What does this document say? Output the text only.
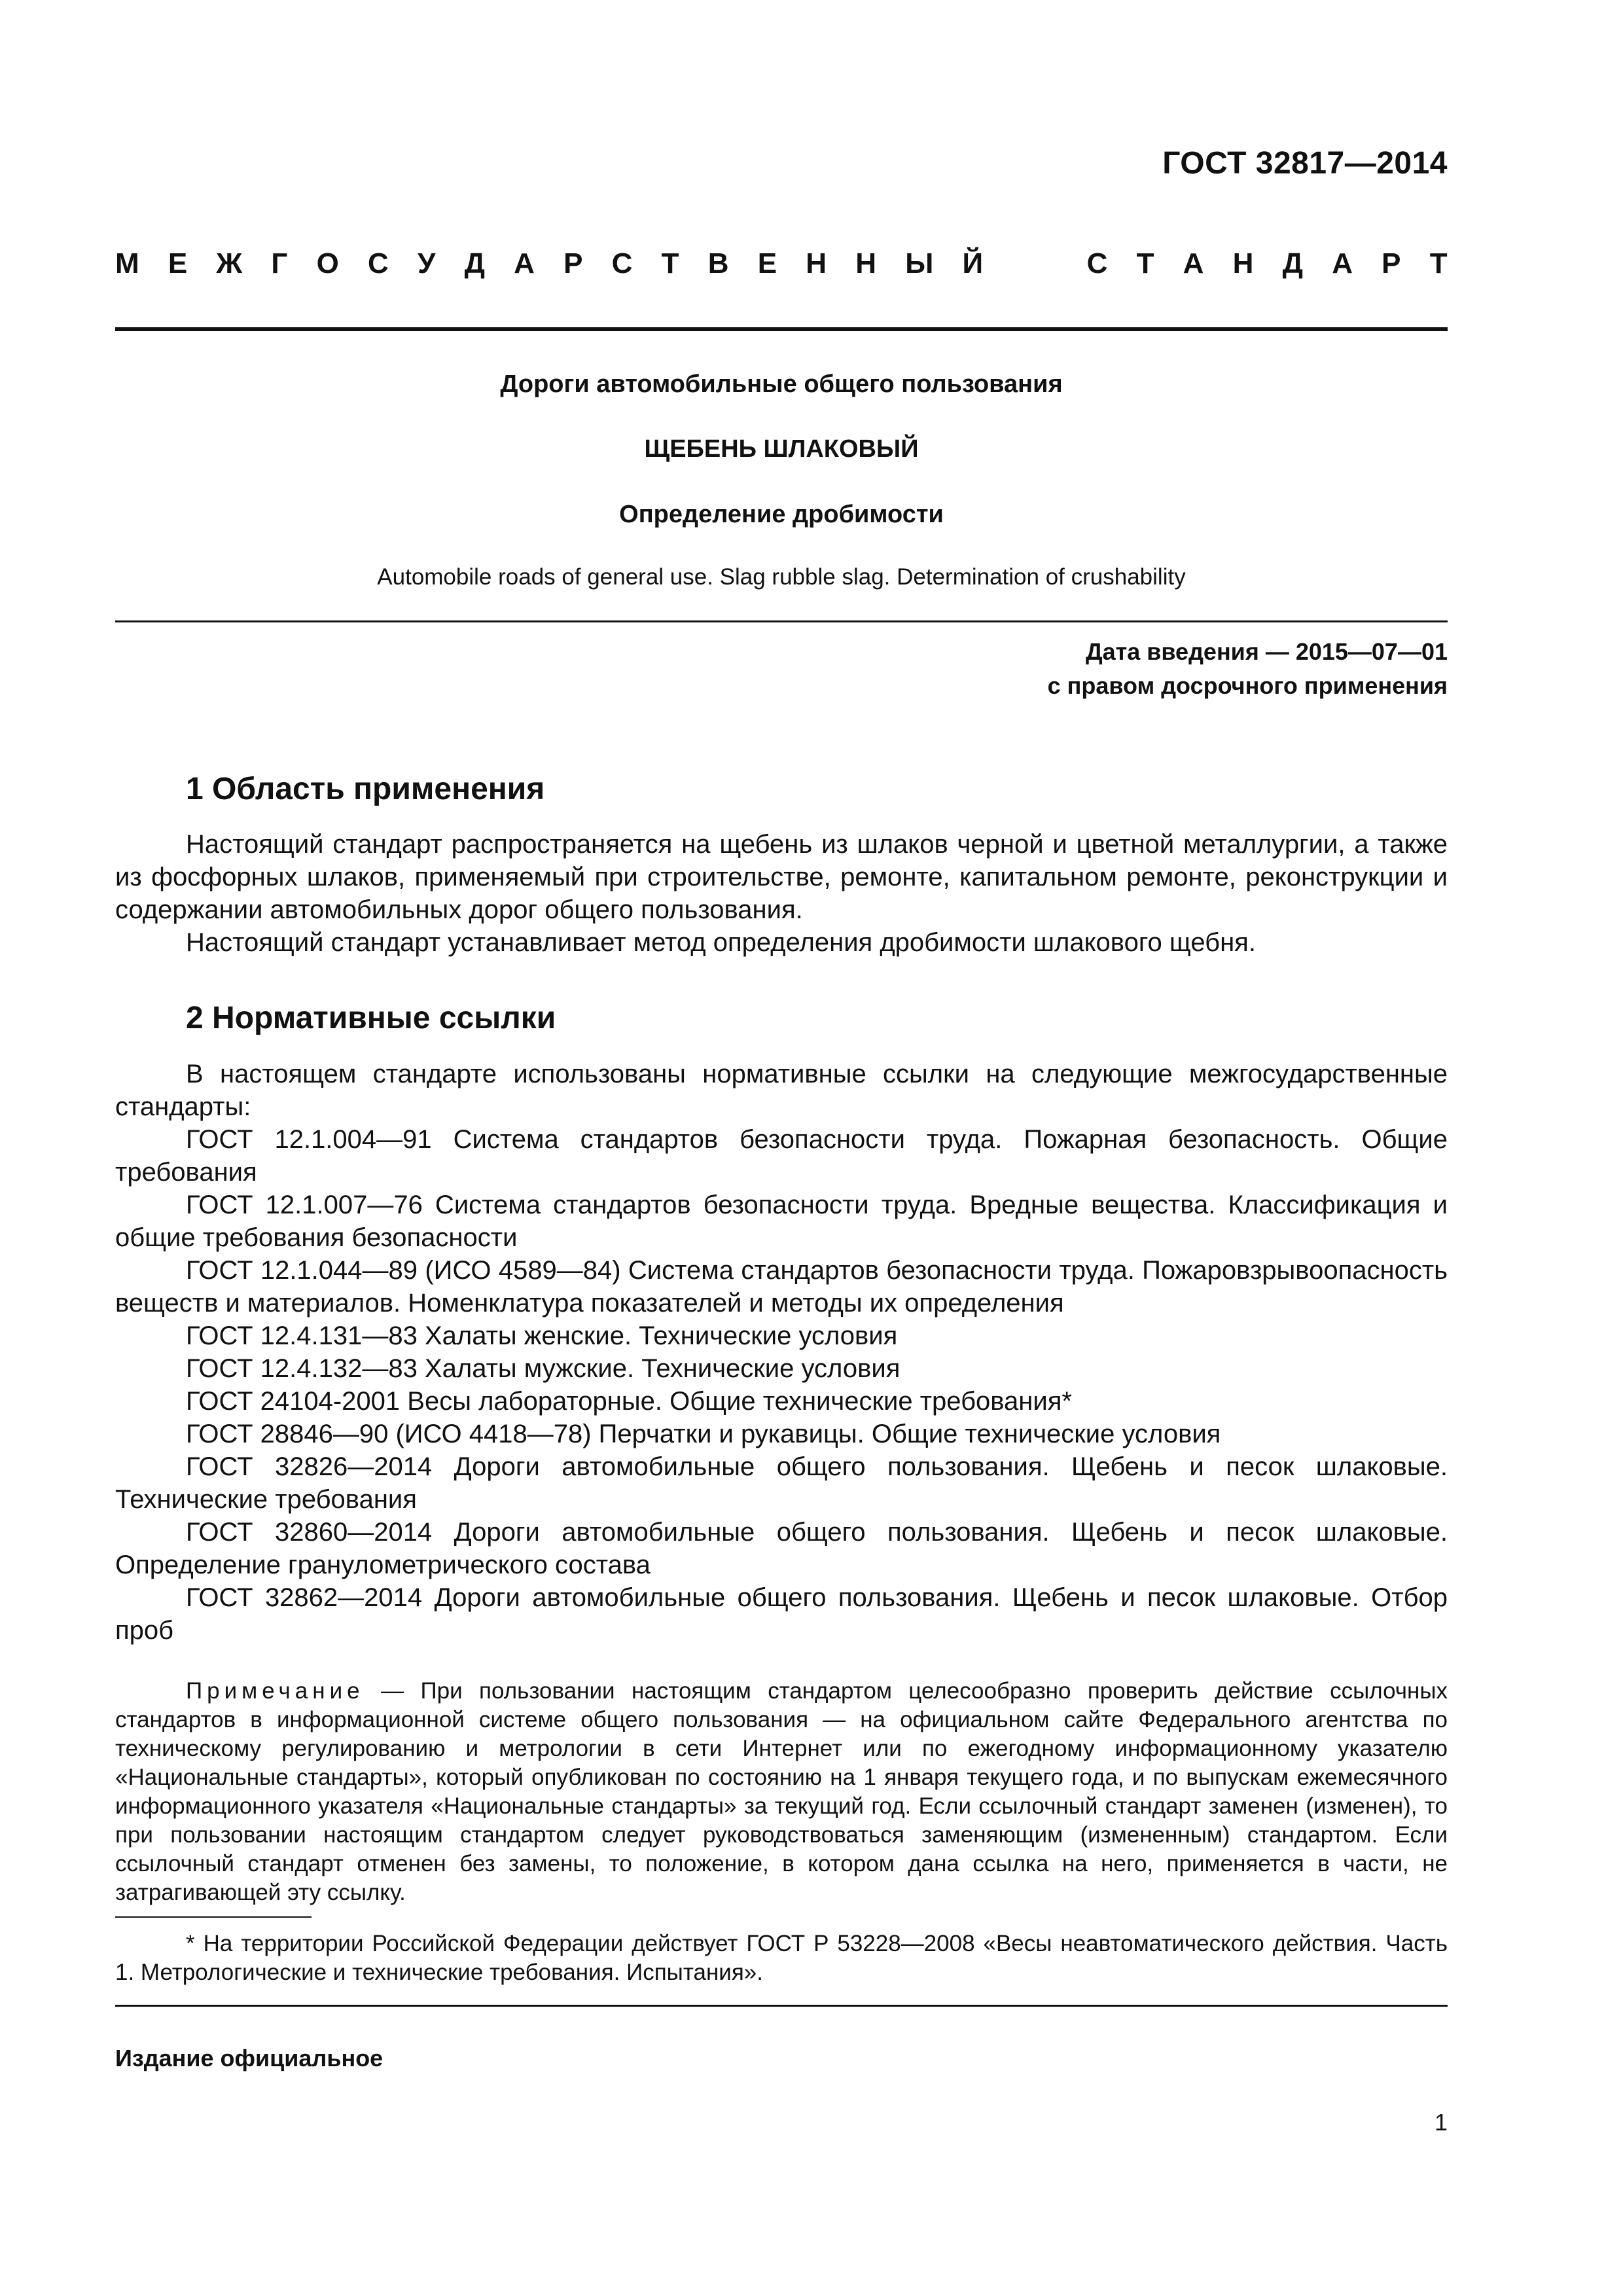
ГОСТ 32817—2014
М Е Ж Г О С У Д А Р С Т В Е Н Н Ы Й	С Т А Н Д А Р Т
Дороги автомобильные общего пользования
ЩЕБЕНЬ ШЛАКОВЫЙ
Определение дробимости
Automobile roads of general use. Slag rubble slag. Determination of crushability
Дата введения — 2015—07—01
с правом досрочного применения
1 Область применения

Настоящий стандарт распространяется на щебень из шлаков черной и цветной металлургии, а также из фосфорных шлаков, применяемый при строительстве, ремонте, капитальном ремонте, реконструкции и содержании автомобильных дорог общего пользования.

Настоящий стандарт устанавливает метод определения дробимости шлакового щебня.

2 Нормативные ссылки

В настоящем стандарте использованы нормативные ссылки на следующие межгосударственные стандарты:

ГОСТ 12.1.004—91 Система стандартов безопасности труда. Пожарная безопасность. Общие требования

ГОСТ 12.1.007—76 Система стандартов безопасности труда. Вредные вещества. Классификация и общие требования безопасности

ГОСТ 12.1.044—89 (ИСО 4589—84) Система стандартов безопасности труда. Пожаровзрывоопасность веществ и материалов. Номенклатура показателей и методы их определения

ГОСТ 12.4.131—83 Халаты женские. Технические условия

ГОСТ 12.4.132—83 Халаты мужские. Технические условия

ГОСТ 24104-2001 Весы лабораторные. Общие технические требования*

ГОСТ 28846—90 (ИСО 4418—78) Перчатки и рукавицы. Общие технические условия

ГОСТ 32826—2014 Дороги автомобильные общего пользования. Щебень и песок шлаковые. Технические требования

ГОСТ 32860—2014 Дороги автомобильные общего пользования. Щебень и песок шлаковые. Определение гранулометрического состава

ГОСТ 32862—2014 Дороги автомобильные общего пользования. Щебень и песок шлаковые. Отбор проб

Примечание — При пользовании настоящим стандартом целесообразно проверить действие ссылочных стандартов в информационной системе общего пользования — на официальном сайте Федерального агентства по техническому регулированию и метрологии в сети Интернет или по ежегодному информационному указателю «Национальные стандарты», который опубликован по состоянию на 1 января текущего года, и по выпускам ежемесячного информационного указателя «Национальные стандарты» за текущий год. Если ссылочный стандарт заменен (изменен), то при пользовании настоящим стандартом следует руководствоваться заменяющим (измененным) стандартом. Если ссылочный стандарт отменен без замены, то положение, в котором дана ссылка на него, применяется в части, не затрагивающей эту ссылку.

* На территории Российской Федерации действует ГОСТ Р 53228—2008 «Весы неавтоматического действия. Часть 1. Метрологические и технические требования. Испытания».

Издание официальное
1
